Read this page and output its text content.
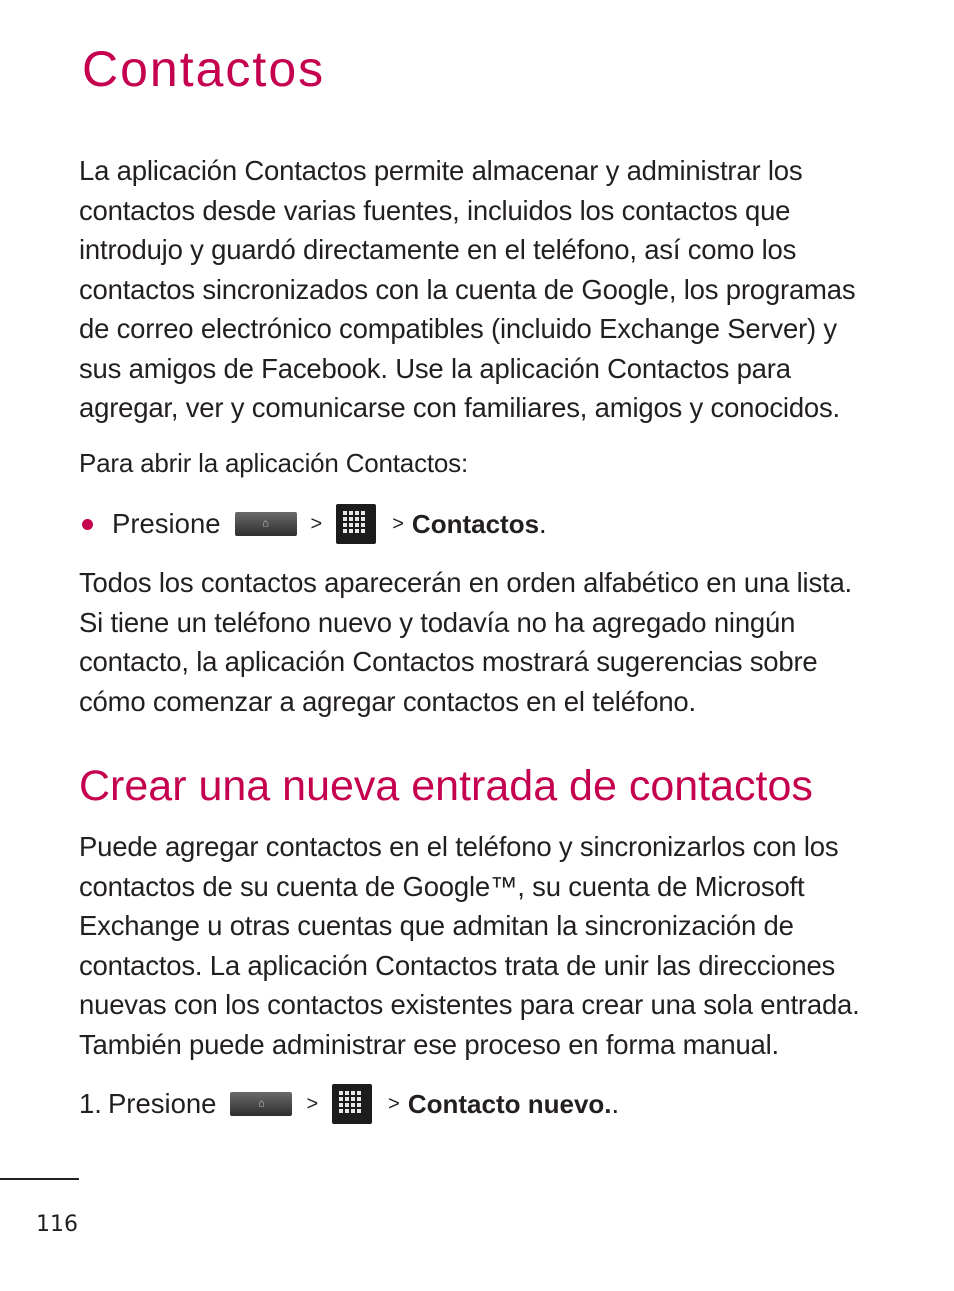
Contactos

La aplicación Contactos permite almacenar y administrar los contactos desde varias fuentes, incluidos los contactos que introdujo y guardó directamente en el teléfono, así como los contactos sincronizados con la cuenta de Google, los programas de correo electrónico compatibles (incluido Exchange Server) y sus amigos de Facebook. Use la aplicación Contactos para agregar, ver y comunicarse con familiares, amigos y conocidos.

Para abrir la aplicación Contactos:

Presione	⌂ >	> Contactos .

Todos los contactos aparecerán en orden alfabético en una lista. Si tiene un teléfono nuevo y todavía no ha agregado ningún contacto, la aplicación Contactos mostrará sugerencias sobre cómo comenzar a agregar contactos en el teléfono.

Crear una nueva entrada de contactos

Puede agregar contactos en el teléfono y sincronizarlos con los contactos de su cuenta de Google™, su cuenta de Microsoft Exchange u otras cuentas que admitan la sincronización de contactos. La aplicación Contactos trata de unir las direcciones nuevas con los contactos existentes para crear una sola entrada. También puede administrar ese proceso en forma manual.

1. Presione	⌂ >	> Contacto nuevo. .
116
